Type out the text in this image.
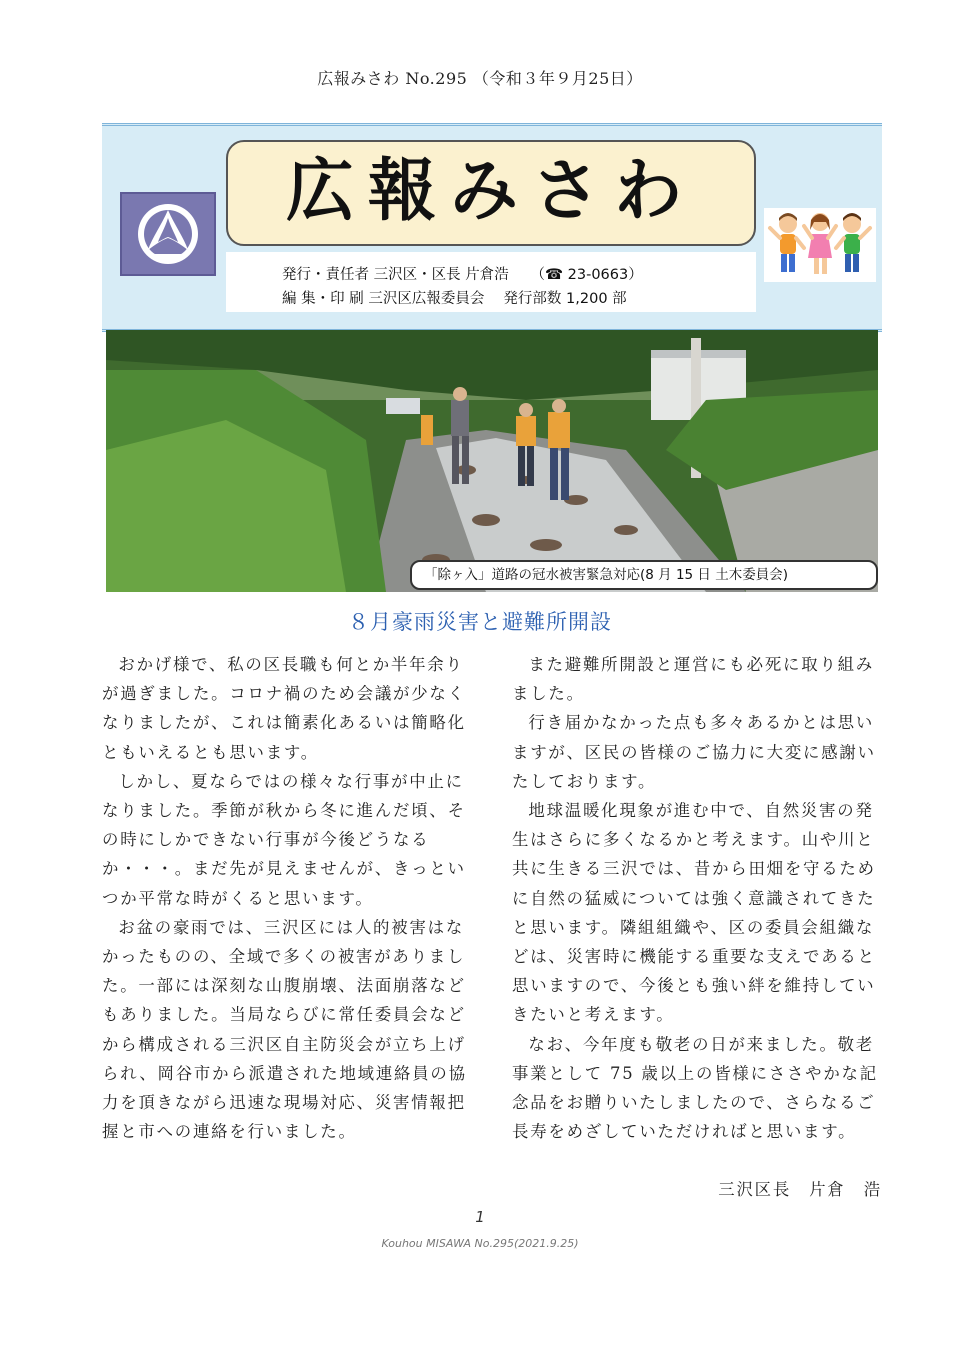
広報みさわ No.295 （令和３年９月25日）
広報みさわ
発行・責任者 三沢区・区長 片倉浩　　（☎ 23-0663）
編 集・印 刷 三沢区広報委員会　 発行部数 1,200 部
「除ヶ入」道路の冠水被害緊急対応(8 月 15 日 土木委員会)
８月豪雨災害と避難所開設

おかげ様で、私の区長職も何とか半年余りが過ぎました。コロナ禍のため会議が少なくなりましたが、これは簡素化あるいは簡略化ともいえるとも思います。

しかし、夏ならではの様々な行事が中止になりました。季節が秋から冬に進んだ頃、その時にしかできない行事が今後どうなるか・・・。まだ先が見えませんが、きっといつか平常な時がくると思います。

お盆の豪雨では、三沢区には人的被害はなかったものの、全域で多くの被害がありました。一部には深刻な山腹崩壊、法面崩落などもありました。当局ならびに常任委員会などから構成される三沢区自主防災会が立ち上げられ、岡谷市から派遣された地域連絡員の協力を頂きながら迅速な現場対応、災害情報把握と市への連絡を行いました。

また避難所開設と運営にも必死に取り組みました。

行き届かなかった点も多々あるかとは思いますが、区民の皆様のご協力に大変に感謝いたしております。

地球温暖化現象が進む中で、自然災害の発生はさらに多くなるかと考えます。山や川と共に生きる三沢では、昔から田畑を守るために自然の猛威については強く意識されてきたと思います。隣組組織や、区の委員会組織などは、災害時に機能する重要な支えであると思いますので、今後とも強い絆を維持していきたいと考えます。

なお、今年度も敬老の日が来ました。敬老事業として 75 歳以上の皆様にささやかな記念品をお贈りいたしましたので、さらなるご長寿をめざしていただければと思います。

三沢区長　片倉　浩
1
Kouhou MISAWA No.295(2021.9.25)
